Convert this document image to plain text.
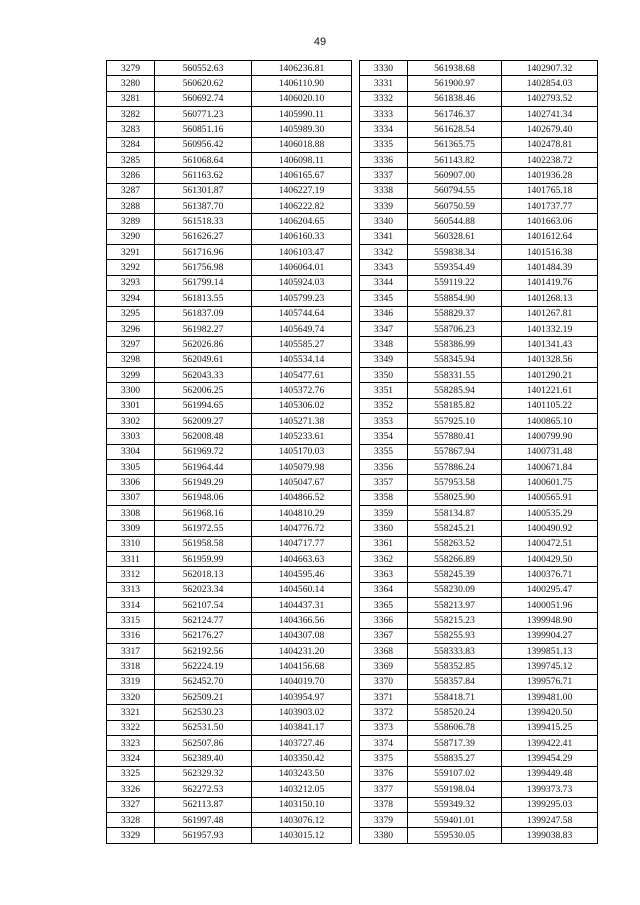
49
3279	560552.63	1406236.81
3280	560620.62	1406110.90
3281	560692.74	1406020.10
3282	560771.23	1405990.11
3283	560851.16	1405989.30
3284	560956.42	1406018.88
3285	561068.64	1406098.11
3286	561163.62	1406165.67
3287	561301.87	1406227.19
3288	561387.70	1406222.82
3289	561518.33	1406204.65
3290	561626.27	1406160.33
3291	561716.96	1406103.47
3292	561756.98	1406064.01
3293	561799.14	1405924.03
3294	561813.55	1405799.23
3295	561837.09	1405744.64
3296	561982.27	1405649.74
3297	562026.86	1405585.27
3298	562049.61	1405534.14
3299	562043.33	1405477.61
3300	562006.25	1405372.76
3301	561994.65	1405306.02
3302	562009.27	1405271.38
3303	562008.48	1405233.61
3304	561969.72	1405170.03
3305	561964.44	1405079.98
3306	561949.29	1405047.67
3307	561948.06	1404866.52
3308	561968.16	1404810.29
3309	561972.55	1404776.72
3310	561958.58	1404717.77
3311	561959.99	1404663.63
3312	562018.13	1404595.46
3313	562023.34	1404560.14
3314	562107.54	1404437.31
3315	562124.77	1404366.56
3316	562176.27	1404307.08
3317	562192.56	1404231.20
3318	562224.19	1404156.68
3319	562452.70	1404019.70
3320	562509.21	1403954.97
3321	562530.23	1403903.02
3322	562531.50	1403841.17
3323	562507.86	1403727.46
3324	562389.40	1403350.42
3325	562329.32	1403243.50
3326	562272.53	1403212.05
3327	562113.87	1403150.10
3328	561997.48	1403076.12
3329	561957.93	1403015.12
3330	561938.68	1402907.32
3331	561900.97	1402854.03
3332	561838.46	1402793.52
3333	561746.37	1402741.34
3334	561628.54	1402679.40
3335	561365.75	1402478.81
3336	561143.82	1402238.72
3337	560907.00	1401936.28
3338	560794.55	1401765.18
3339	560750.59	1401737.77
3340	560544.88	1401663.06
3341	560328.61	1401612.64
3342	559838.34	1401516.38
3343	559354.49	1401484.39
3344	559119.22	1401419.76
3345	558854.90	1401268.13
3346	558829.37	1401267.81
3347	558706.23	1401332.19
3348	558386.99	1401341.43
3349	558345.94	1401328.56
3350	558331.55	1401290.21
3351	558285.94	1401221.61
3352	558185.82	1401105.22
3353	557925.10	1400865.10
3354	557880.41	1400799.90
3355	557867.94	1400731.48
3356	557886.24	1400671.84
3357	557953.58	1400601.75
3358	558025.90	1400565.91
3359	558134.87	1400535.29
3360	558245.21	1400490.92
3361	558263.52	1400472.51
3362	558266.89	1400429.50
3363	558245.39	1400376.71
3364	558230.09	1400295.47
3365	558213.97	1400051.96
3366	558215.23	1399948.90
3367	558255.93	1399904.27
3368	558333.83	1399851.13
3369	558352.85	1399745.12
3370	558357.84	1399576.71
3371	558418.71	1399481.00
3372	558520.24	1399420.50
3373	558606.78	1399415.25
3374	558717.39	1399422.41
3375	558835.27	1399454.29
3376	559107.02	1399449.48
3377	559198.04	1399373.73
3378	559349.32	1399295.03
3379	559401.01	1399247.58
3380	559530.05	1399038.83
